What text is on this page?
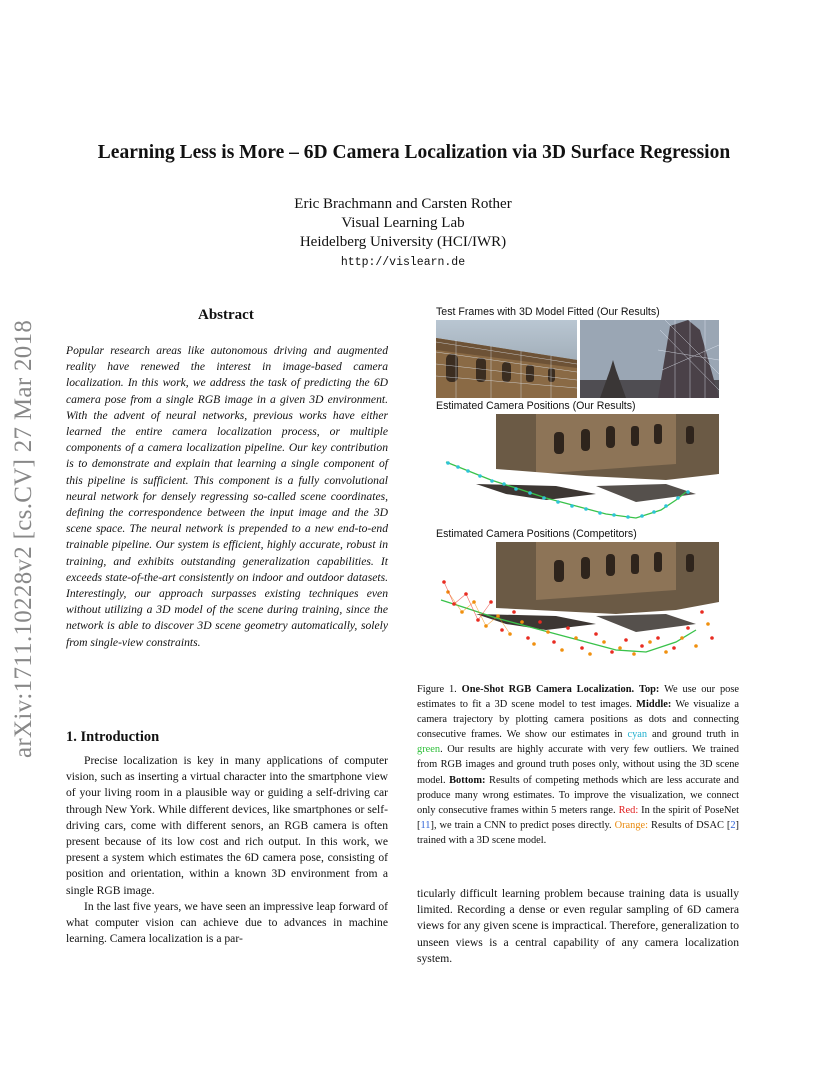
Learning Less is More – 6D Camera Localization via 3D Surface Regression
Eric Brachmann and Carsten Rother
Visual Learning Lab
Heidelberg University (HCI/IWR)
http://vislearn.de
arXiv:1711.10228v2 [cs.CV] 27 Mar 2018
Abstract
Popular research areas like autonomous driving and augmented reality have renewed the interest in image-based camera localization. In this work, we address the task of predicting the 6D camera pose from a single RGB image in a given 3D environment. With the advent of neural networks, previous works have either learned the entire camera localization process, or multiple components of a camera localization pipeline. Our key contribution is to demonstrate and explain that learning a single component of this pipeline is sufficient. This component is a fully convolutional neural network for densely regressing so-called scene coordinates, defining the correspondence between the input image and the 3D scene space. The neural network is prepended to a new end-to-end trainable pipeline. Our system is efficient, highly accurate, robust in training, and exhibits outstanding generalization capabilities. It exceeds state-of-the-art consistently on indoor and outdoor datasets. Interestingly, our approach surpasses existing techniques even without utilizing a 3D model of the scene during training, since the network is able to discover 3D scene geometry automatically, solely from single-view constraints.
1. Introduction

Precise localization is key in many applications of computer vision, such as inserting a virtual character into the smartphone view of your living room in a plausible way or guiding a self-driving car through New York. While different devices, like smartphones or self-driving cars, come with different senors, an RGB camera is often present because of its low cost and rich output. In this work, we present a system which estimates the 6D camera pose, consisting of position and orientation, within a known 3D environment from a single RGB image.

In the last five years, we have seen an impressive leap forward of what computer vision can achieve due to advances in machine learning. Camera localization is a par-

Test Frames with 3D Model Fitted (Our Results)
Estimated Camera Positions (Our Results)
Estimated Camera Positions (Competitors)
Figure 1. One-Shot RGB Camera Localization. Top: We use our pose estimates to fit a 3D scene model to test images. Middle: We visualize a camera trajectory by plotting camera positions as dots and connecting consecutive frames. We show our estimates in cyan and ground truth in green. Our results are highly accurate with very few outliers. We trained from RGB images and ground truth poses only, without using the 3D scene model. Bottom: Results of competing methods which are less accurate and produce many wrong estimates. To improve the visualization, we connect only consecutive frames within 5 meters range. Red: In the spirit of PoseNet [11], we train a CNN to predict poses directly. Orange: Results of DSAC [2] trained with a 3D scene model.

ticularly difficult learning problem because training data is usually limited. Recording a dense or even regular sampling of 6D camera views for any given scene is impractical. Therefore, generalization to unseen views is a central capability of any camera localization system.
